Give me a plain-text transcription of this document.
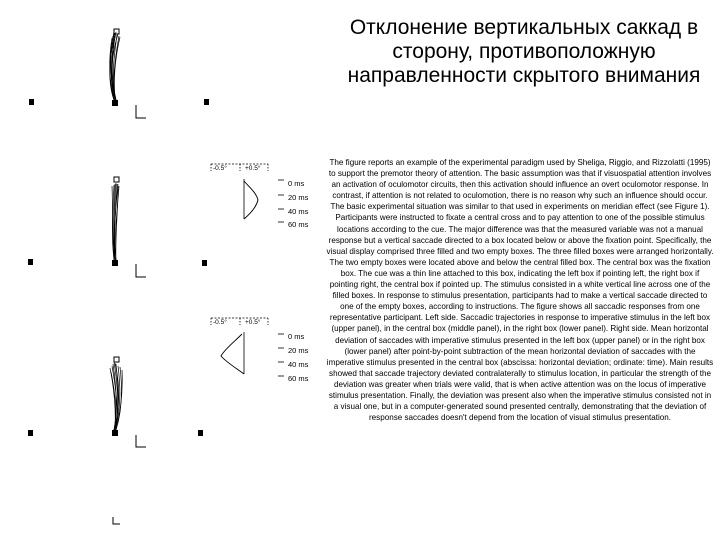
-0.5°	+0.5°
0 ms
20 ms
40 ms
60 ms
-0.5°	+0.5°
0 ms
20 ms
40 ms
60 ms
Отклонение вертикальных саккад в сторону, противоположную направленности скрытого внимания
The figure reports an example of the experimental paradigm used by Sheliga, Riggio, and Rizzolatti (1995) to support the premotor theory of attention. The basic assumption was that if visuospatial attention involves an activation of oculomotor circuits, then this activation should influence an overt oculomotor response. In contrast, if attention is not related to oculomotion, there is no reason why such an influence should occur. The basic experimental situation was similar to that used in experiments on meridian effect (see Figure 1). Participants were instructed to fixate a central cross and to pay attention to one of the possible stimulus locations according to the cue. The major difference was that the measured variable was not a manual response but a vertical saccade directed to a box located below or above the fixation point. Specifically, the visual display comprised three filled and two empty boxes. The three filled boxes were arranged horizontally. The two empty boxes were located above and below the central filled box. The central box was the fixation box. The cue was a thin line attached to this box, indicating the left box if pointing left, the right box if pointing right, the central box if pointed up. The stimulus consisted in a white vertical line across one of the filled boxes. In response to stimulus presentation, participants had to make a vertical saccade directed to one of the empty boxes, according to instructions. The figure shows all saccadic responses from one representative participant. Left side. Saccadic trajectories in response to imperative stimulus in the left box (upper panel), in the central box (middle panel), in the right box (lower panel). Right side. Mean horizontal deviation of saccades with imperative stimulus presented in the left box (upper panel) or in the right box (lower panel) after point-by-point subtraction of the mean horizontal deviation of saccades with the imperative stimulus presented in the central box (abscissa: horizontal deviation; ordinate: time). Main results showed that saccade trajectory deviated contralaterally to stimulus location, in particular the strength of the deviation was greater when trials were valid, that is when active attention was on the locus of imperative stimulus presentation. Finally, the deviation was present also when the imperative stimulus consisted not in a visual one, but in a computer-generated sound presented centrally, demonstrating that the deviation of response saccades doesn't depend from the location of visual stimulus presentation.
